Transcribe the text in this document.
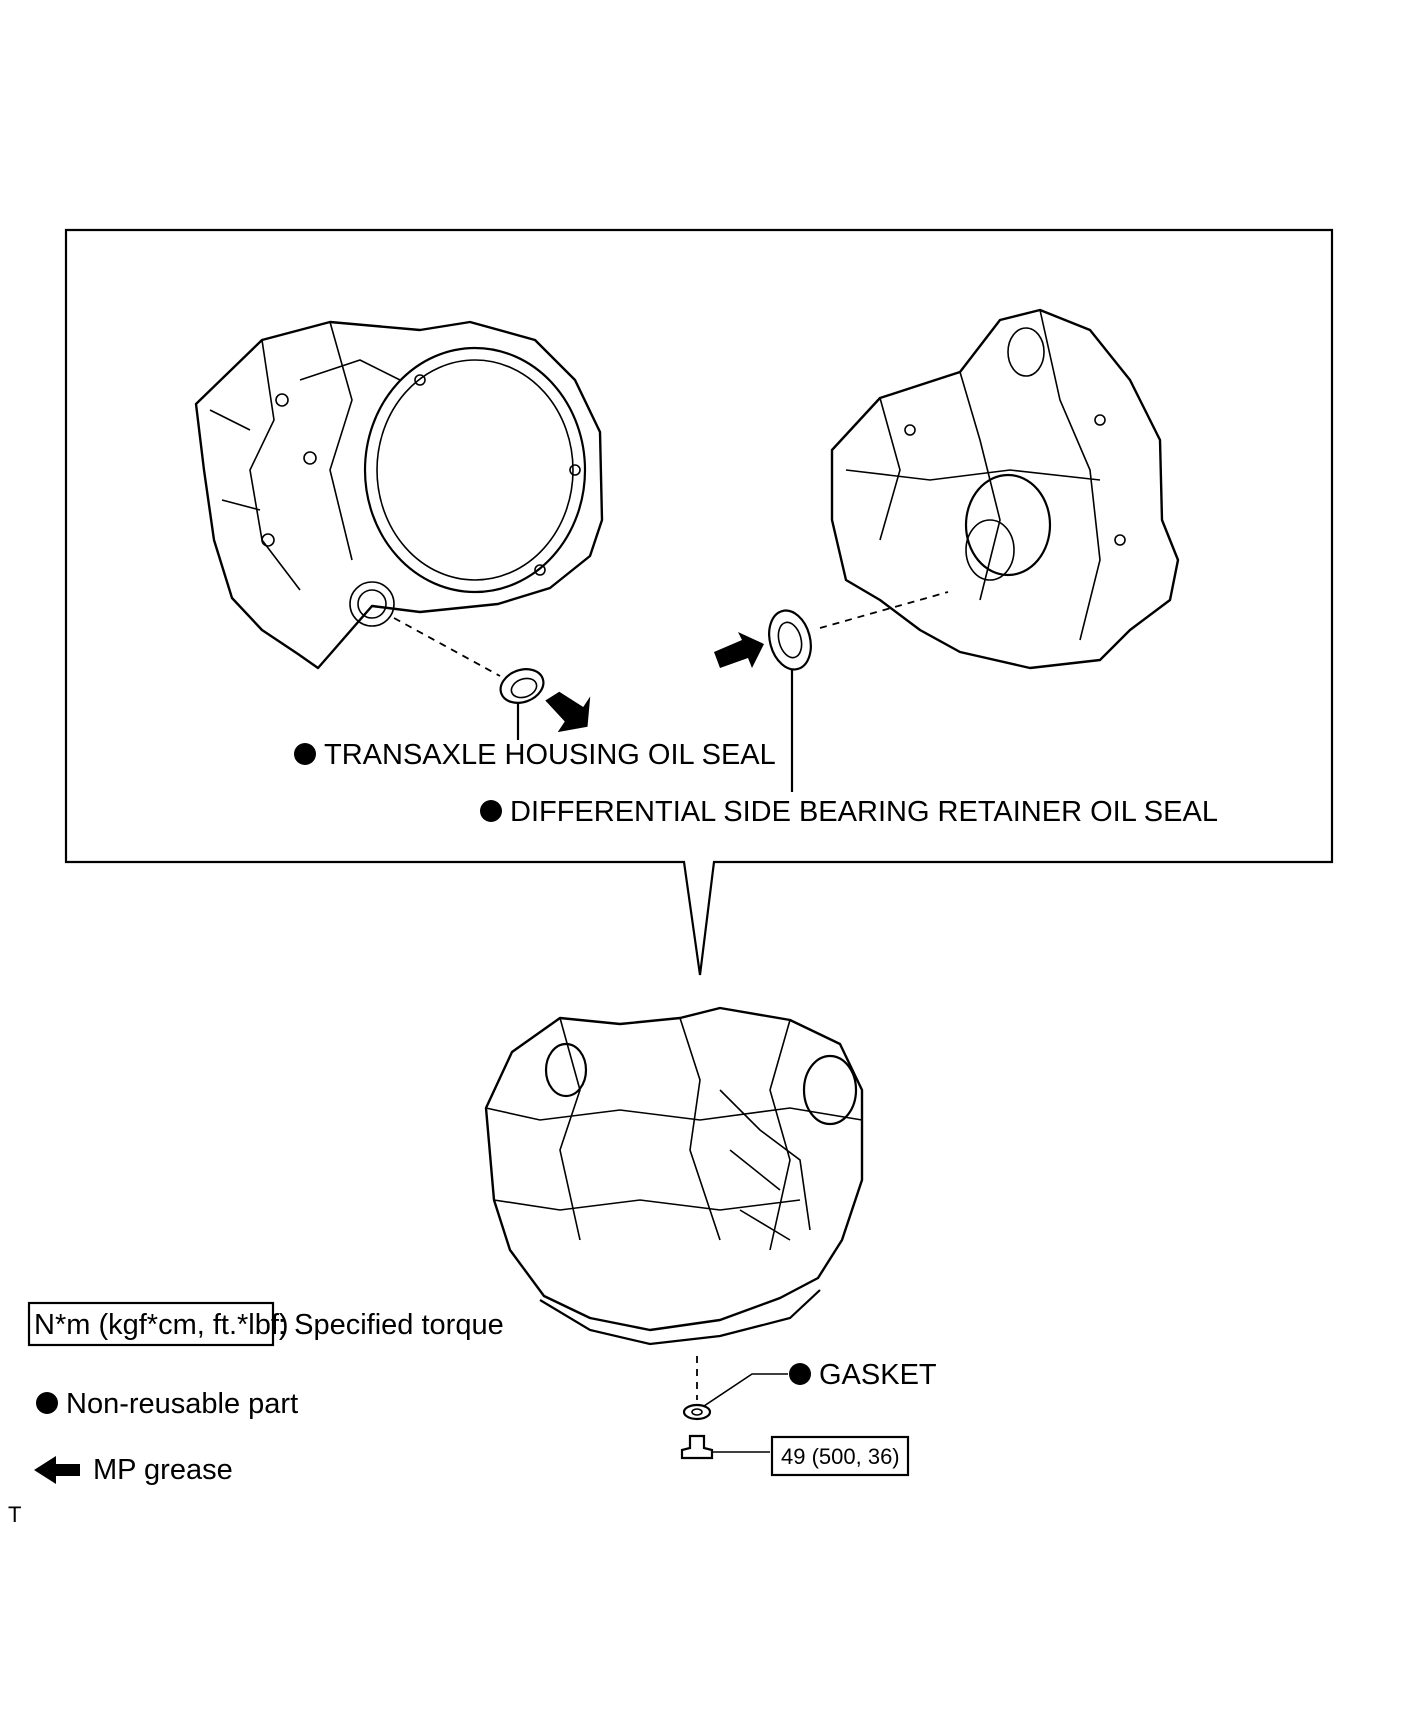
TRANSAXLE HOUSING OIL SEAL
DIFFERENTIAL SIDE BEARING RETAINER OIL SEAL
GASKET
49 (500, 36)
N*m (kgf*cm, ft.*lbf)
: Specified torque
Non-reusable part
MP grease
T
